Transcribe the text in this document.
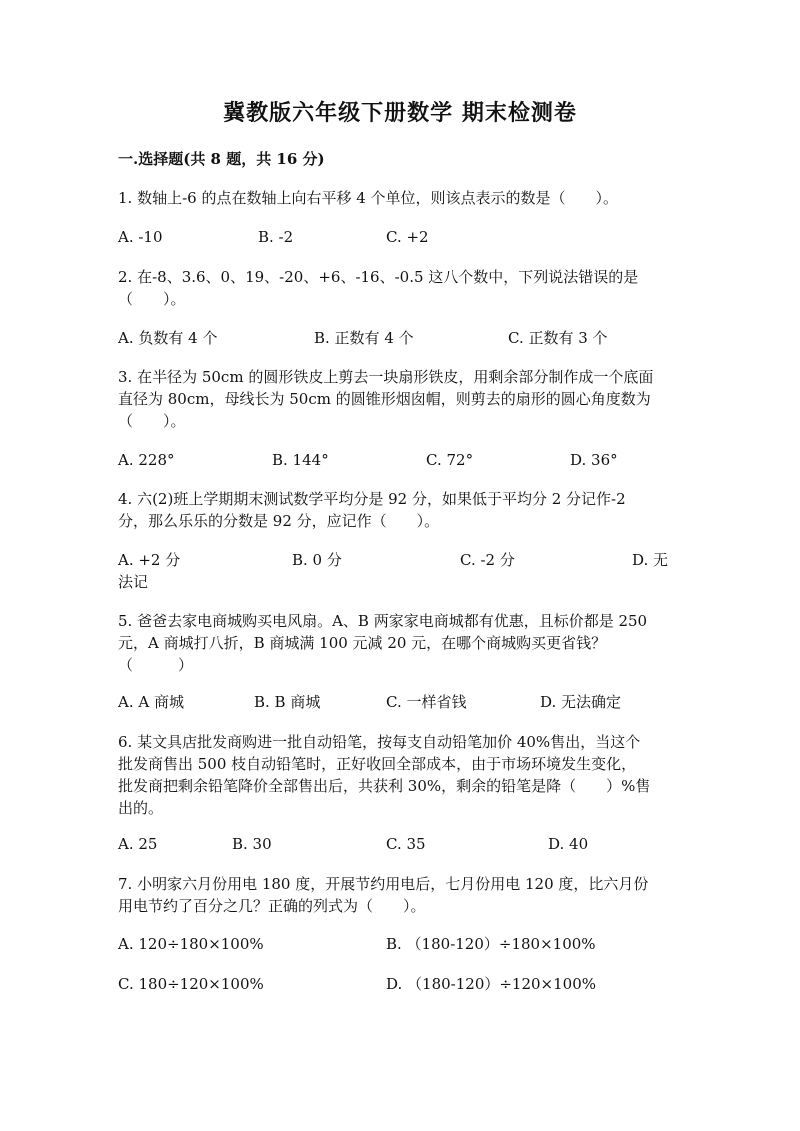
冀教版六年级下册数学 期末检测卷
一.选择题(共 8 题，共 16 分)
1. 数轴上-6 的点在数轴上向右平移 4 个单位，则该点表示的数是（　　）。
A. -10	B. -2	C. +2
2. 在-8、3.6、0、19、-20、+6、-16、-0.5 这八个数中，下列说法错误的是
（　　）。
A. 负数有 4 个	B. 正数有 4 个	C. 正数有 3 个
3. 在半径为 50cm 的圆形铁皮上剪去一块扇形铁皮，用剩余部分制作成一个底面
直径为 80cm，母线长为 50cm 的圆锥形烟囱帽，则剪去的扇形的圆心角度数为
（　　）。
A. 228°	B. 144°	C. 72°	D. 36°
4. 六(2)班上学期期末测试数学平均分是 92 分，如果低于平均分 2 分记作-2
分，那么乐乐的分数是 92 分，应记作（　　）。
A. +2 分	B. 0 分	C. -2 分	D. 无
法记
5. 爸爸去家电商城购买电风扇。A、B 两家家电商城都有优惠，且标价都是 250
元，A 商城打八折，B 商城满 100 元减 20 元，在哪个商城购买更省钱？
（　　　）
A. A 商城	B. B 商城	C. 一样省钱	D. 无法确定
6. 某文具店批发商购进一批自动铅笔，按每支自动铅笔加价 40%售出，当这个
批发商售出 500 枝自动铅笔时，正好收回全部成本，由于市场环境发生变化，
批发商把剩余铅笔降价全部售出后，共获利 30%，剩余的铅笔是降（　　）%售
出的。
A. 25	B. 30	C. 35	D. 40
7. 小明家六月份用电 180 度，开展节约用电后，七月份用电 120 度，比六月份
用电节约了百分之几？正确的列式为（　　）。
A. 120÷180×100%	B. （180-120）÷180×100%
C. 180÷120×100%	D. （180-120）÷120×100%
